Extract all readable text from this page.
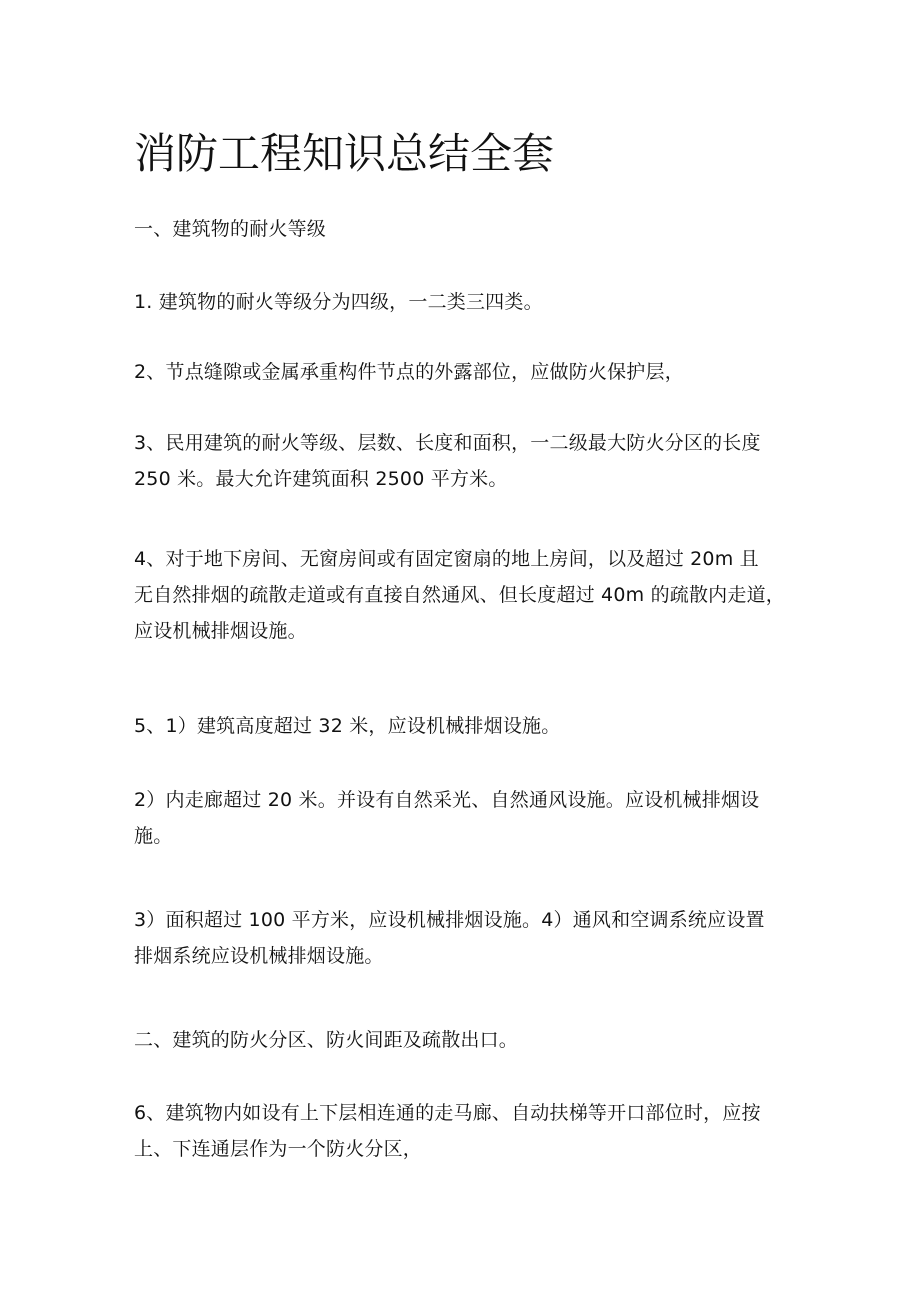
消防工程知识总结全套

一、建筑物的耐火等级

1. 建筑物的耐火等级分为四级，一二类三四类。

2、节点缝隙或金属承重构件节点的外露部位，应做防火保护层，

3、民用建筑的耐火等级、层数、长度和面积，一二级最大防火分区的长度
250 米。最大允许建筑面积 2500 平方米。

4、对于地下房间、无窗房间或有固定窗扇的地上房间，以及超过 20m 且
无自然排烟的疏散走道或有直接自然通风、但长度超过 40m 的疏散内走道，
应设机械排烟设施。

5、1）建筑高度超过 32 米，应设机械排烟设施。

2）内走廊超过 20 米。并设有自然采光、自然通风设施。应设机械排烟设
施。

3）面积超过 100 平方米，应设机械排烟设施。4）通风和空调系统应设置
排烟系统应设机械排烟设施。

二、建筑的防火分区、防火间距及疏散出口。

6、建筑物内如设有上下层相连通的走马廊、自动扶梯等开口部位时，应按
上、下连通层作为一个防火分区，
